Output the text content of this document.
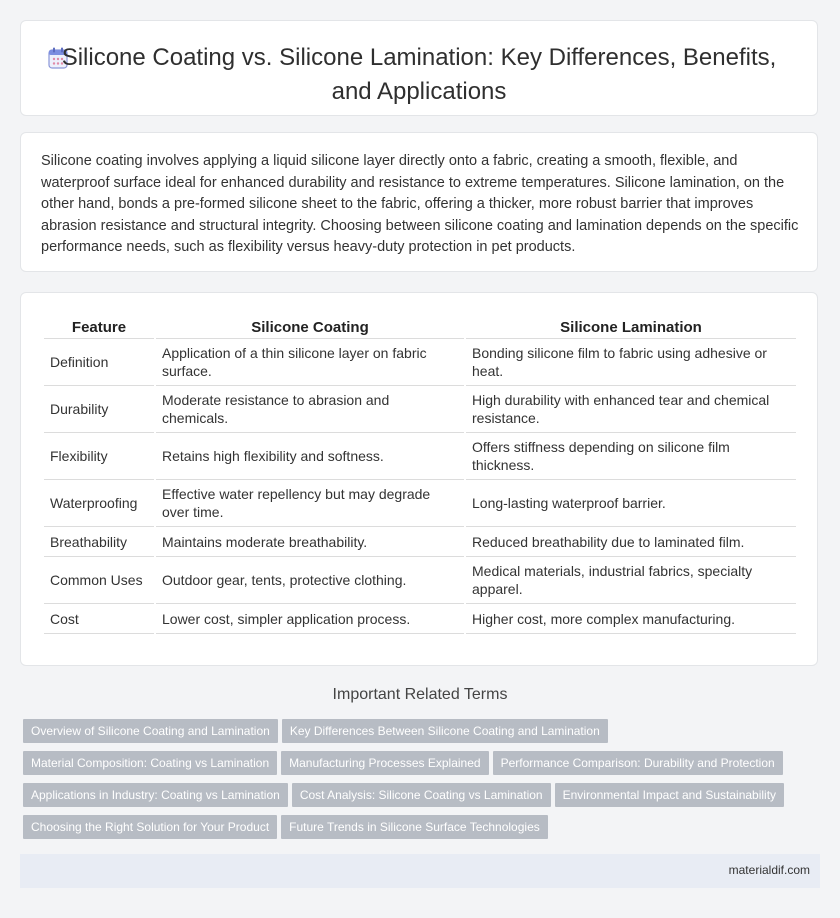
Silicone Coating vs. Silicone Lamination: Key Differences, Benefits, and Applications

Silicone coating involves applying a liquid silicone layer directly onto a fabric, creating a smooth, flexible, and waterproof surface ideal for enhanced durability and resistance to extreme temperatures. Silicone lamination, on the other hand, bonds a pre-formed silicone sheet to the fabric, offering a thicker, more robust barrier that improves abrasion resistance and structural integrity. Choosing between silicone coating and lamination depends on the specific performance needs, such as flexibility versus heavy-duty protection in pet products.

Feature	Silicone Coating	Silicone Lamination
Definition	Application of a thin silicone layer on fabric surface.	Bonding silicone film to fabric using adhesive or heat.
Durability	Moderate resistance to abrasion and chemicals.	High durability with enhanced tear and chemical resistance.
Flexibility	Retains high flexibility and softness.	Offers stiffness depending on silicone film thickness.
Waterproofing	Effective water repellency but may degrade over time.	Long-lasting waterproof barrier.
Breathability	Maintains moderate breathability.	Reduced breathability due to laminated film.
Common Uses	Outdoor gear, tents, protective clothing.	Medical materials, industrial fabrics, specialty apparel.
Cost	Lower cost, simpler application process.	Higher cost, more complex manufacturing.
Important Related Terms
Overview of Silicone Coating and Lamination Key Differences Between Silicone Coating and Lamination
Material Composition: Coating vs Lamination Manufacturing Processes Explained Performance Comparison: Durability and Protection
Applications in Industry: Coating vs Lamination Cost Analysis: Silicone Coating vs Lamination Environmental Impact and Sustainability
Choosing the Right Solution for Your Product Future Trends in Silicone Surface Technologies
materialdif.com
